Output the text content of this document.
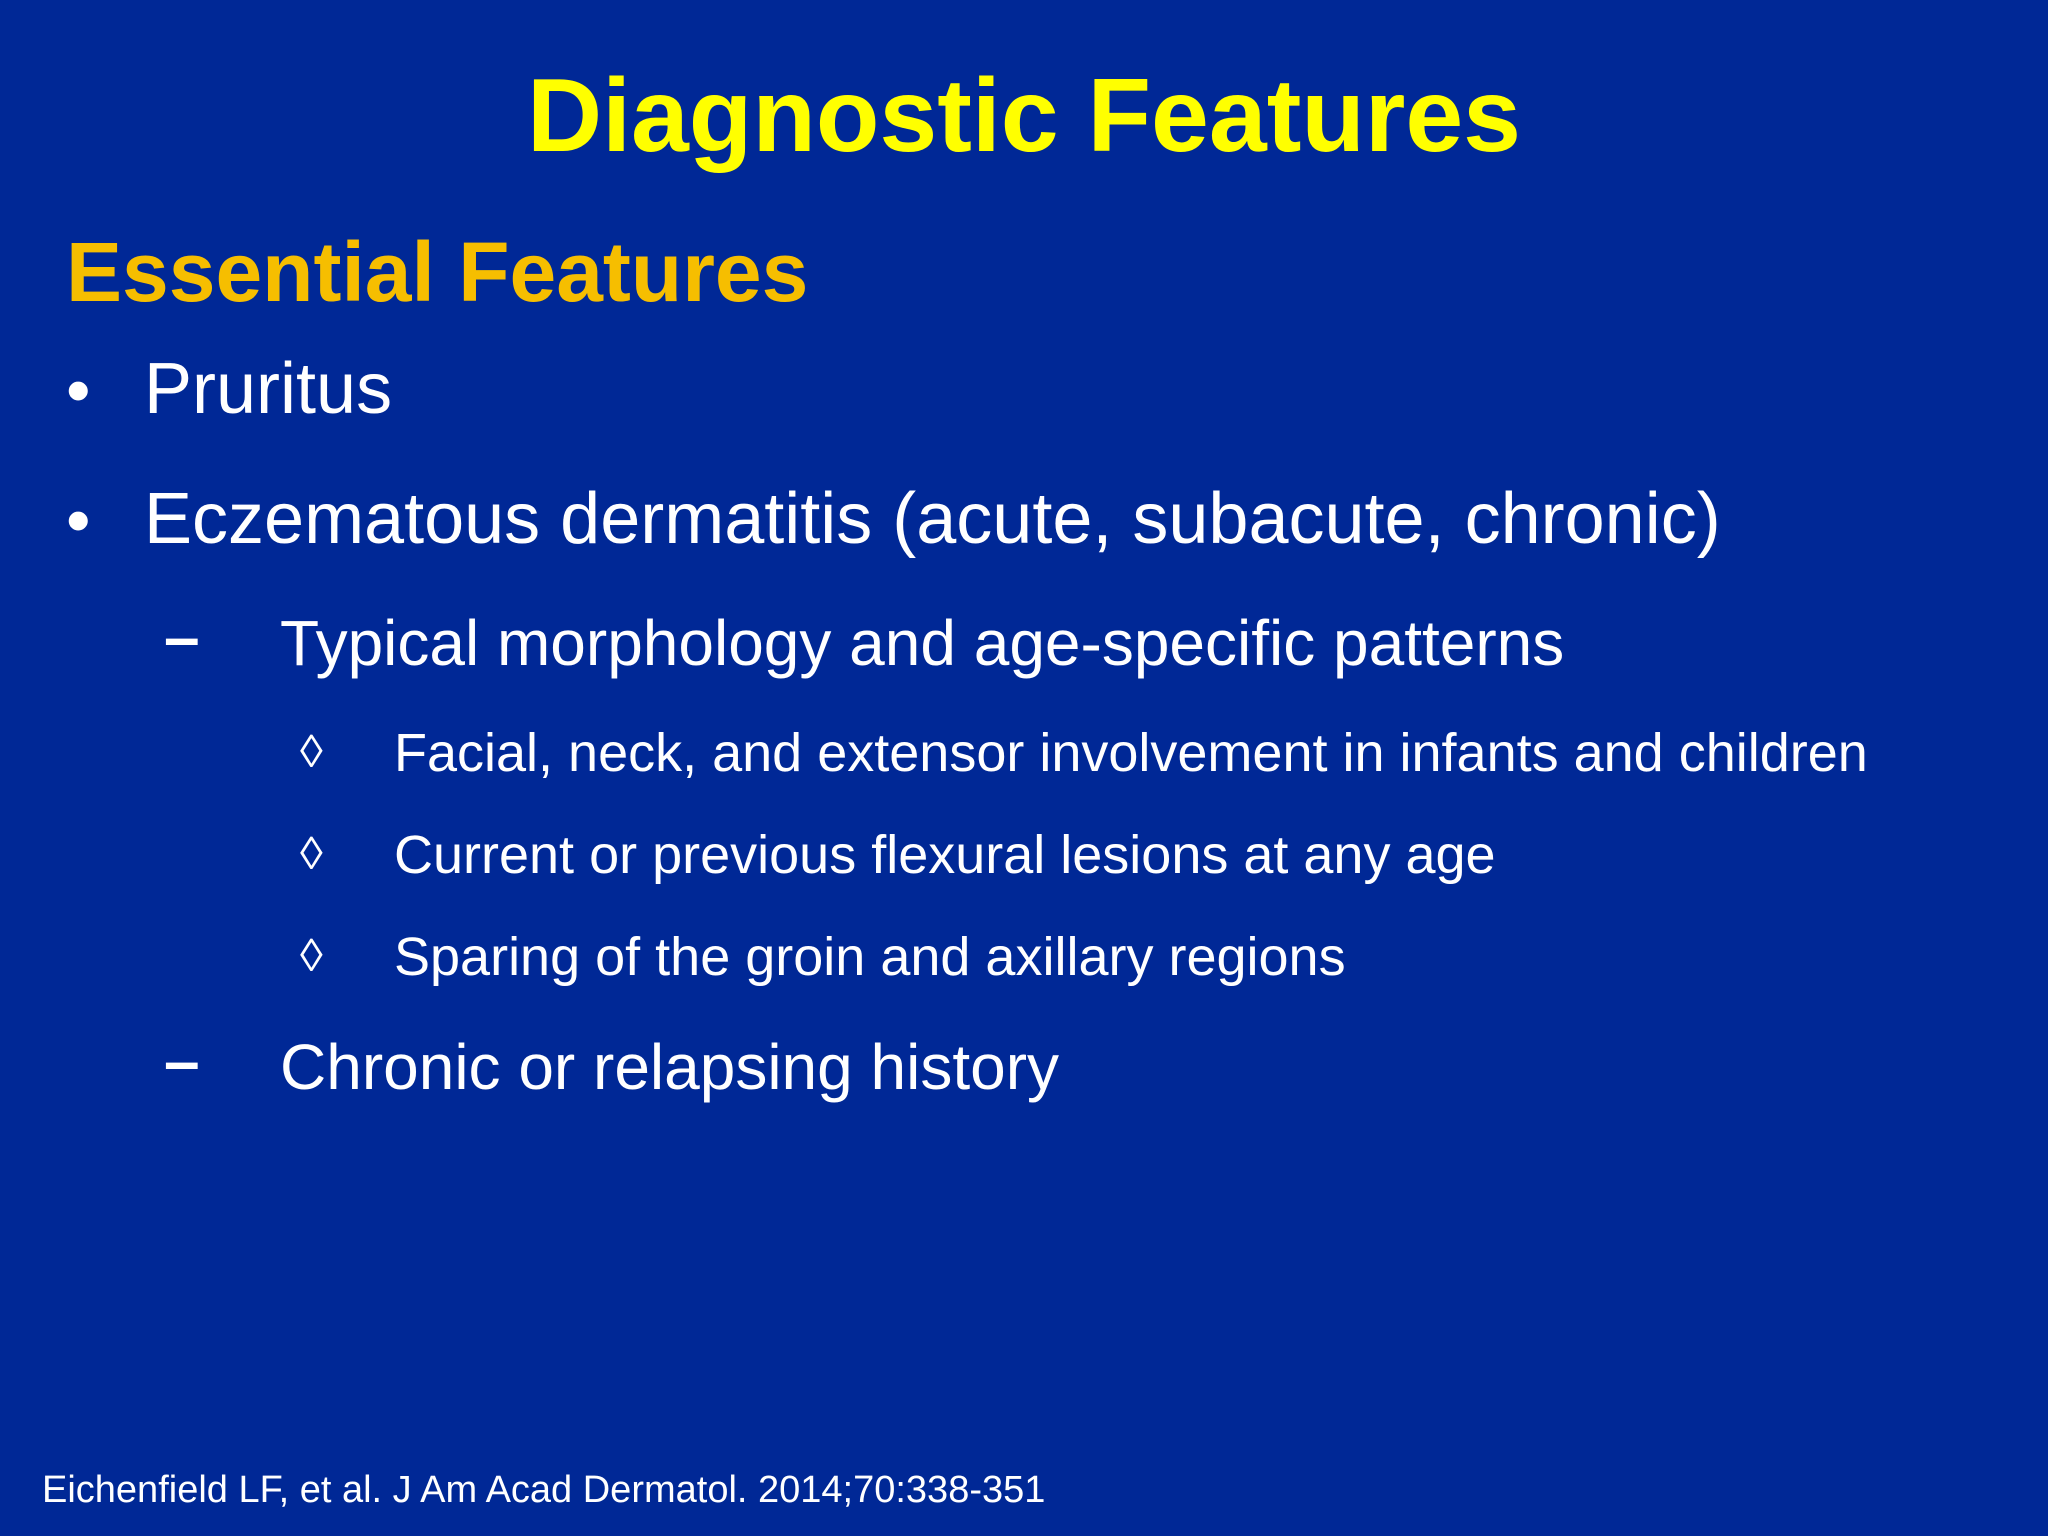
Diagnostic Features
Essential Features
• Pruritus
• Eczematous dermatitis (acute, subacute, chronic)
– Typical morphology and age-specific patterns
◊ Facial, neck, and extensor involvement in infants and children
◊ Current or previous flexural lesions at any age
◊ Sparing of the groin and axillary regions
– Chronic or relapsing history
Eichenfield LF, et al. J Am Acad Dermatol. 2014;70:338-351
